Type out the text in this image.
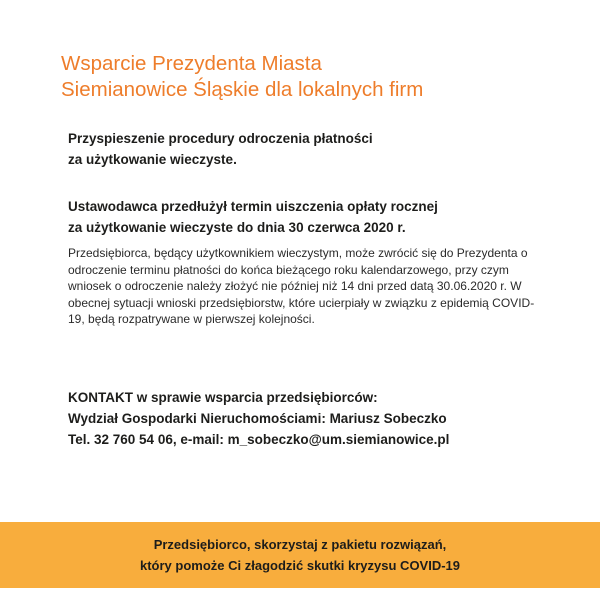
Wsparcie Prezydenta Miasta
Siemianowice Śląskie dla lokalnych firm
Przyspieszenie procedury odroczenia płatności
za użytkowanie wieczyste.
Ustawodawca przedłużył termin uiszczenia opłaty rocznej
za użytkowanie wieczyste do dnia 30 czerwca 2020 r.

Przedsiębiorca, będący użytkownikiem wieczystym, może zwrócić się do Prezydenta o odroczenie terminu płatności do końca bieżącego roku kalendarzowego, przy czym wniosek o odroczenie należy złożyć nie później niż 14 dni przed datą 30.06.2020 r. W obecnej sytuacji wnioski przedsiębiorstw, które ucierpiały w związku z epidemią COVID-19, będą rozpatrywane w pierwszej kolejności.

KONTAKT w sprawie wsparcia przedsiębiorców:
Wydział Gospodarki Nieruchomościami: Mariusz Sobeczko
Tel. 32 760 54 06, e-mail: m_sobeczko@um.siemianowice.pl
Przedsiębiorco, skorzystaj z pakietu rozwiązań,
który pomoże Ci złagodzić skutki kryzysu COVID-19
